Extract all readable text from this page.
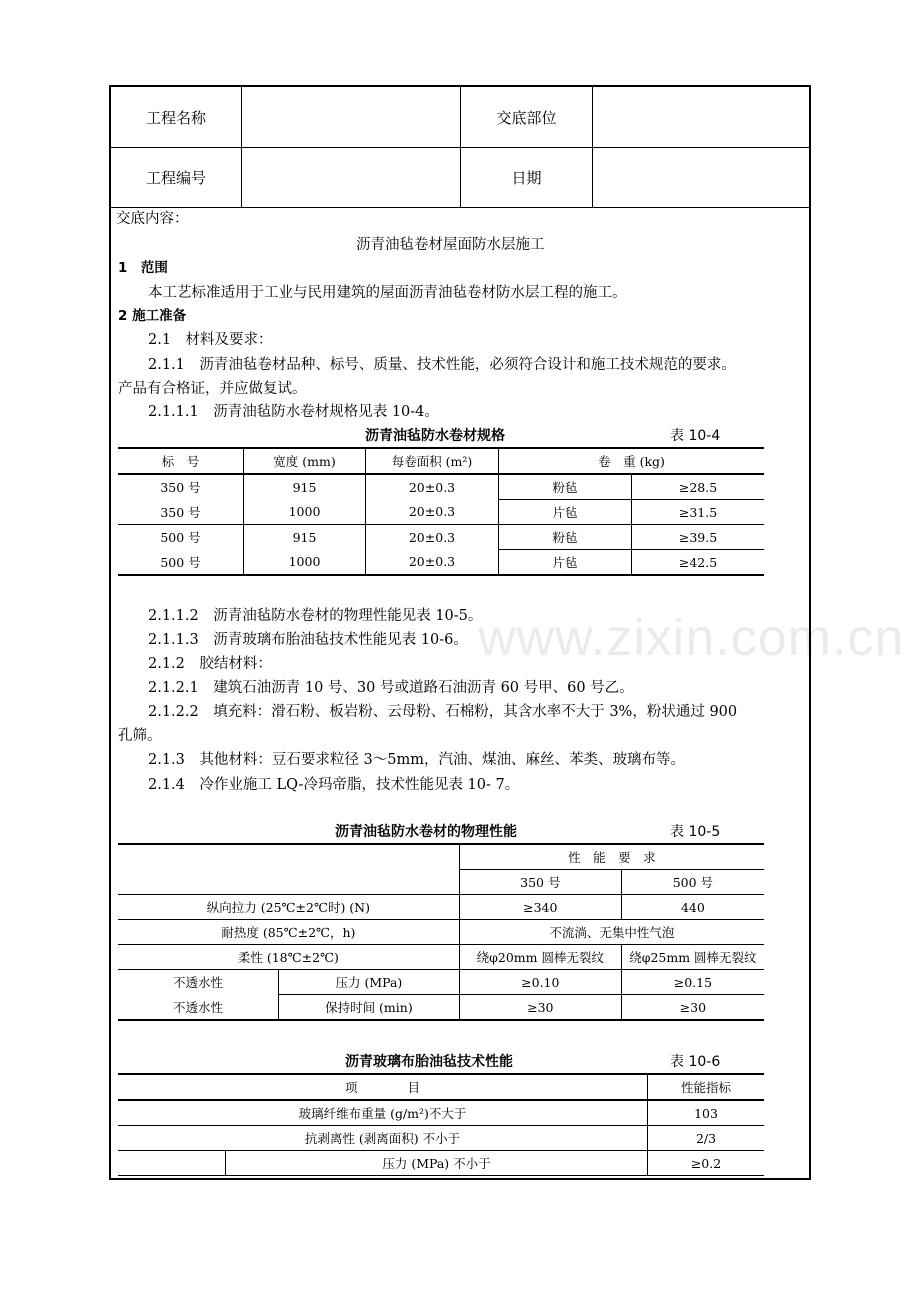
工程名称	交底部位
工程编号	日期
www.zixin.com.cn
交底内容：
沥青油毡卷材屋面防水层施工
1　范围
本工艺标准适用于工业与民用建筑的屋面沥青油毡卷材防水层工程的施工。
2 施工准备
2.1　材料及要求：
2.1.1　沥青油毡卷材品种、标号、质量、技术性能，必须符合设计和施工技术规范的要求。
产品有合格证，并应做复试。
2.1.1.1　沥青油毡防水卷材规格见表 10-4。
沥青油毡防水卷材规格	表 10-4
标　号	宽度 (mm)	每卷面积 (m²)	卷　重 (kg)	
350 号	915	20±0.3	粉毡	≥28.5
350 号	1000	20±0.3	片毡	≥31.5
500 号	915	20±0.3	粉毡	≥39.5
500 号	1000	20±0.3	片毡	≥42.5
2.1.1.2　沥青油毡防水卷材的物理性能见表 10-5。
2.1.1.3　沥青玻璃布胎油毡技术性能见表 10-6。
2.1.2　胶结材料：
2.1.2.1　建筑石油沥青 10 号、30 号或道路石油沥青 60 号甲、60 号乙。
2.1.2.2　填充料：滑石粉、板岩粉、云母粉、石棉粉，其含水率不大于 3%，粉状通过 900
孔筛。
2.1.3　其他材料：豆石要求粒径 3～5mm，汽油、煤油、麻丝、苯类、玻璃布等。
2.1.4　冷作业施工 LQ-冷玛帝脂，技术性能见表 10- 7。
沥青油毡防水卷材的物理性能	表 10-5
		性　能　要　求	
		350 号	500 号
纵向拉力 (25℃±2℃时) (N)		≥340	440
耐热度 (85℃±2℃，h)		不流淌、无集中性气泡	
柔性 (18℃±2℃)		绕φ20mm 圆棒无裂纹	绕φ25mm 圆棒无裂纹
不透水性	压力 (MPa)	≥0.10	≥0.15
不透水性	保持时间 (min)	≥30	≥30
沥青玻璃布胎油毡技术性能	表 10-6
项　　　　目		性能指标
玻璃纤维布重量 (g/m²)不大于		103
抗剥离性 (剥离面积) 不小于		2/3
	压力 (MPa) 不小于	≥0.2
